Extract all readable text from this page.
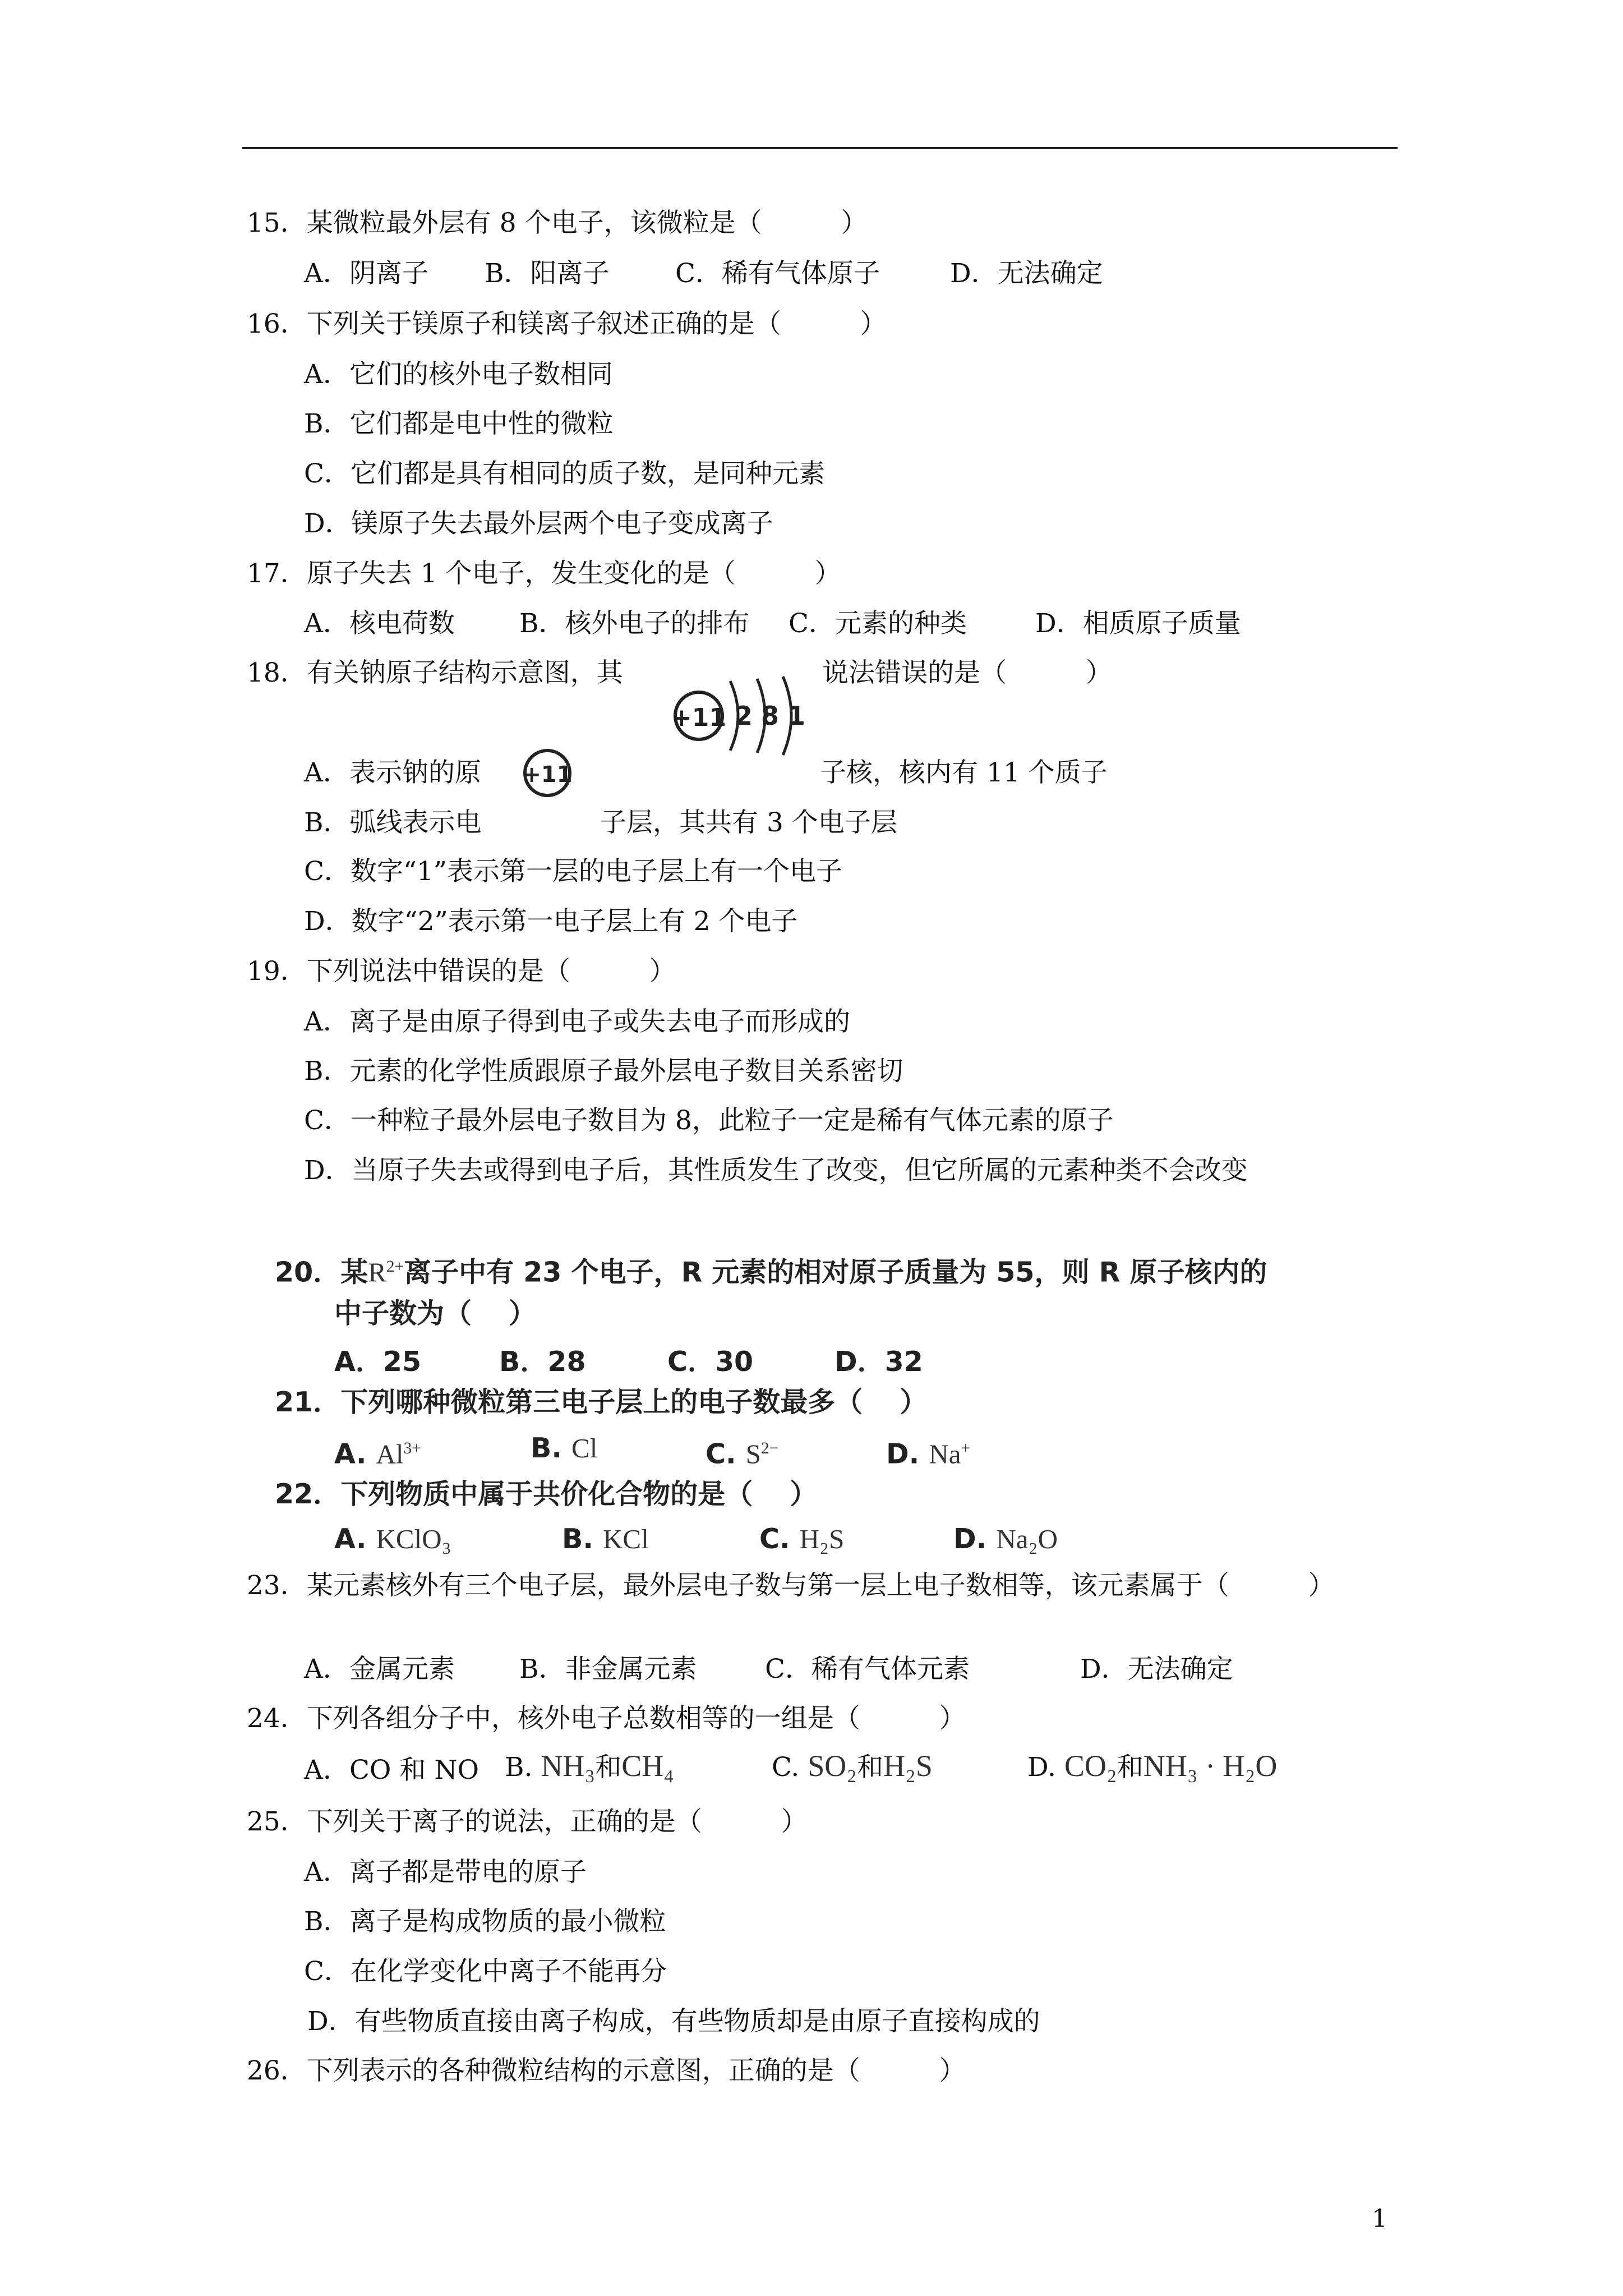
15．某微粒最外层有 8 个电子，该微粒是（　　　）
A．阴离子 B．阳离子 C．稀有气体原子	D．无法确定
16．下列关于镁原子和镁离子叙述正确的是（　　　）
A．它们的核外电子数相同
B．它们都是电中性的微粒
C．它们都是具有相同的质子数，是同种元素
D．镁原子失去最外层两个电子变成离子
17．原子失去 1 个电子，发生变化的是（　　　）
A．核电荷数 B．核外电子的排布 C．元素的种类	D．相质原子质量
18．有关钠原子结构示意图，其	说法错误的是（　　　）
+11 2 8 1
A．表示钠的原 +11	子核，核内有 11 个质子
B．弧线表示电	子层，其共有 3 个电子层
C．数字“1”表示第一层的电子层上有一个电子
D．数字“2”表示第一电子层上有 2 个电子
19．下列说法中错误的是（　　　）
A．离子是由原子得到电子或失去电子而形成的
B．元素的化学性质跟原子最外层电子数目关系密切
C．一种粒子最外层电子数目为 8，此粒子一定是稀有气体元素的原子
D．当原子失去或得到电子后，其性质发生了改变，但它所属的元素种类不会改变
20．某$R^{2+}$离子中有 23 个电子，R 元素的相对原子质量为 55，则 R 原子核内的
中子数为（　 ）
A．25	B．28	C．30	D．32
21．下列哪种微粒第三电子层上的电子数最多（　 ）
A. $Al^{3+}$	B. Cl	C. $S^{2-}$	D. Na+
22．下列物质中属于共价化合物的是（　 ）
A. KClO₃	B. KCl	C. H₂S	D. Na₂O
23．某元素核外有三个电子层，最外层电子数与第一层上电子数相等，该元素属于（　　　）
A．金属元素 B．非金属元素	C．稀有气体元素	D．无法确定
24．下列各组分子中，核外电子总数相等的一组是（　　　）
A．CO 和 NO B. NH₃和CH₄	C. SO₂和H₂S	D. CO₂和NH₃ · H₂O
25．下列关于离子的说法，正确的是（　　　）
A．离子都是带电的原子
B．离子是构成物质的最小微粒
C．在化学变化中离子不能再分
D．有些物质直接由离子构成，有些物质却是由原子直接构成的
26．下列表示的各种微粒结构的示意图，正确的是（　　　）
1
